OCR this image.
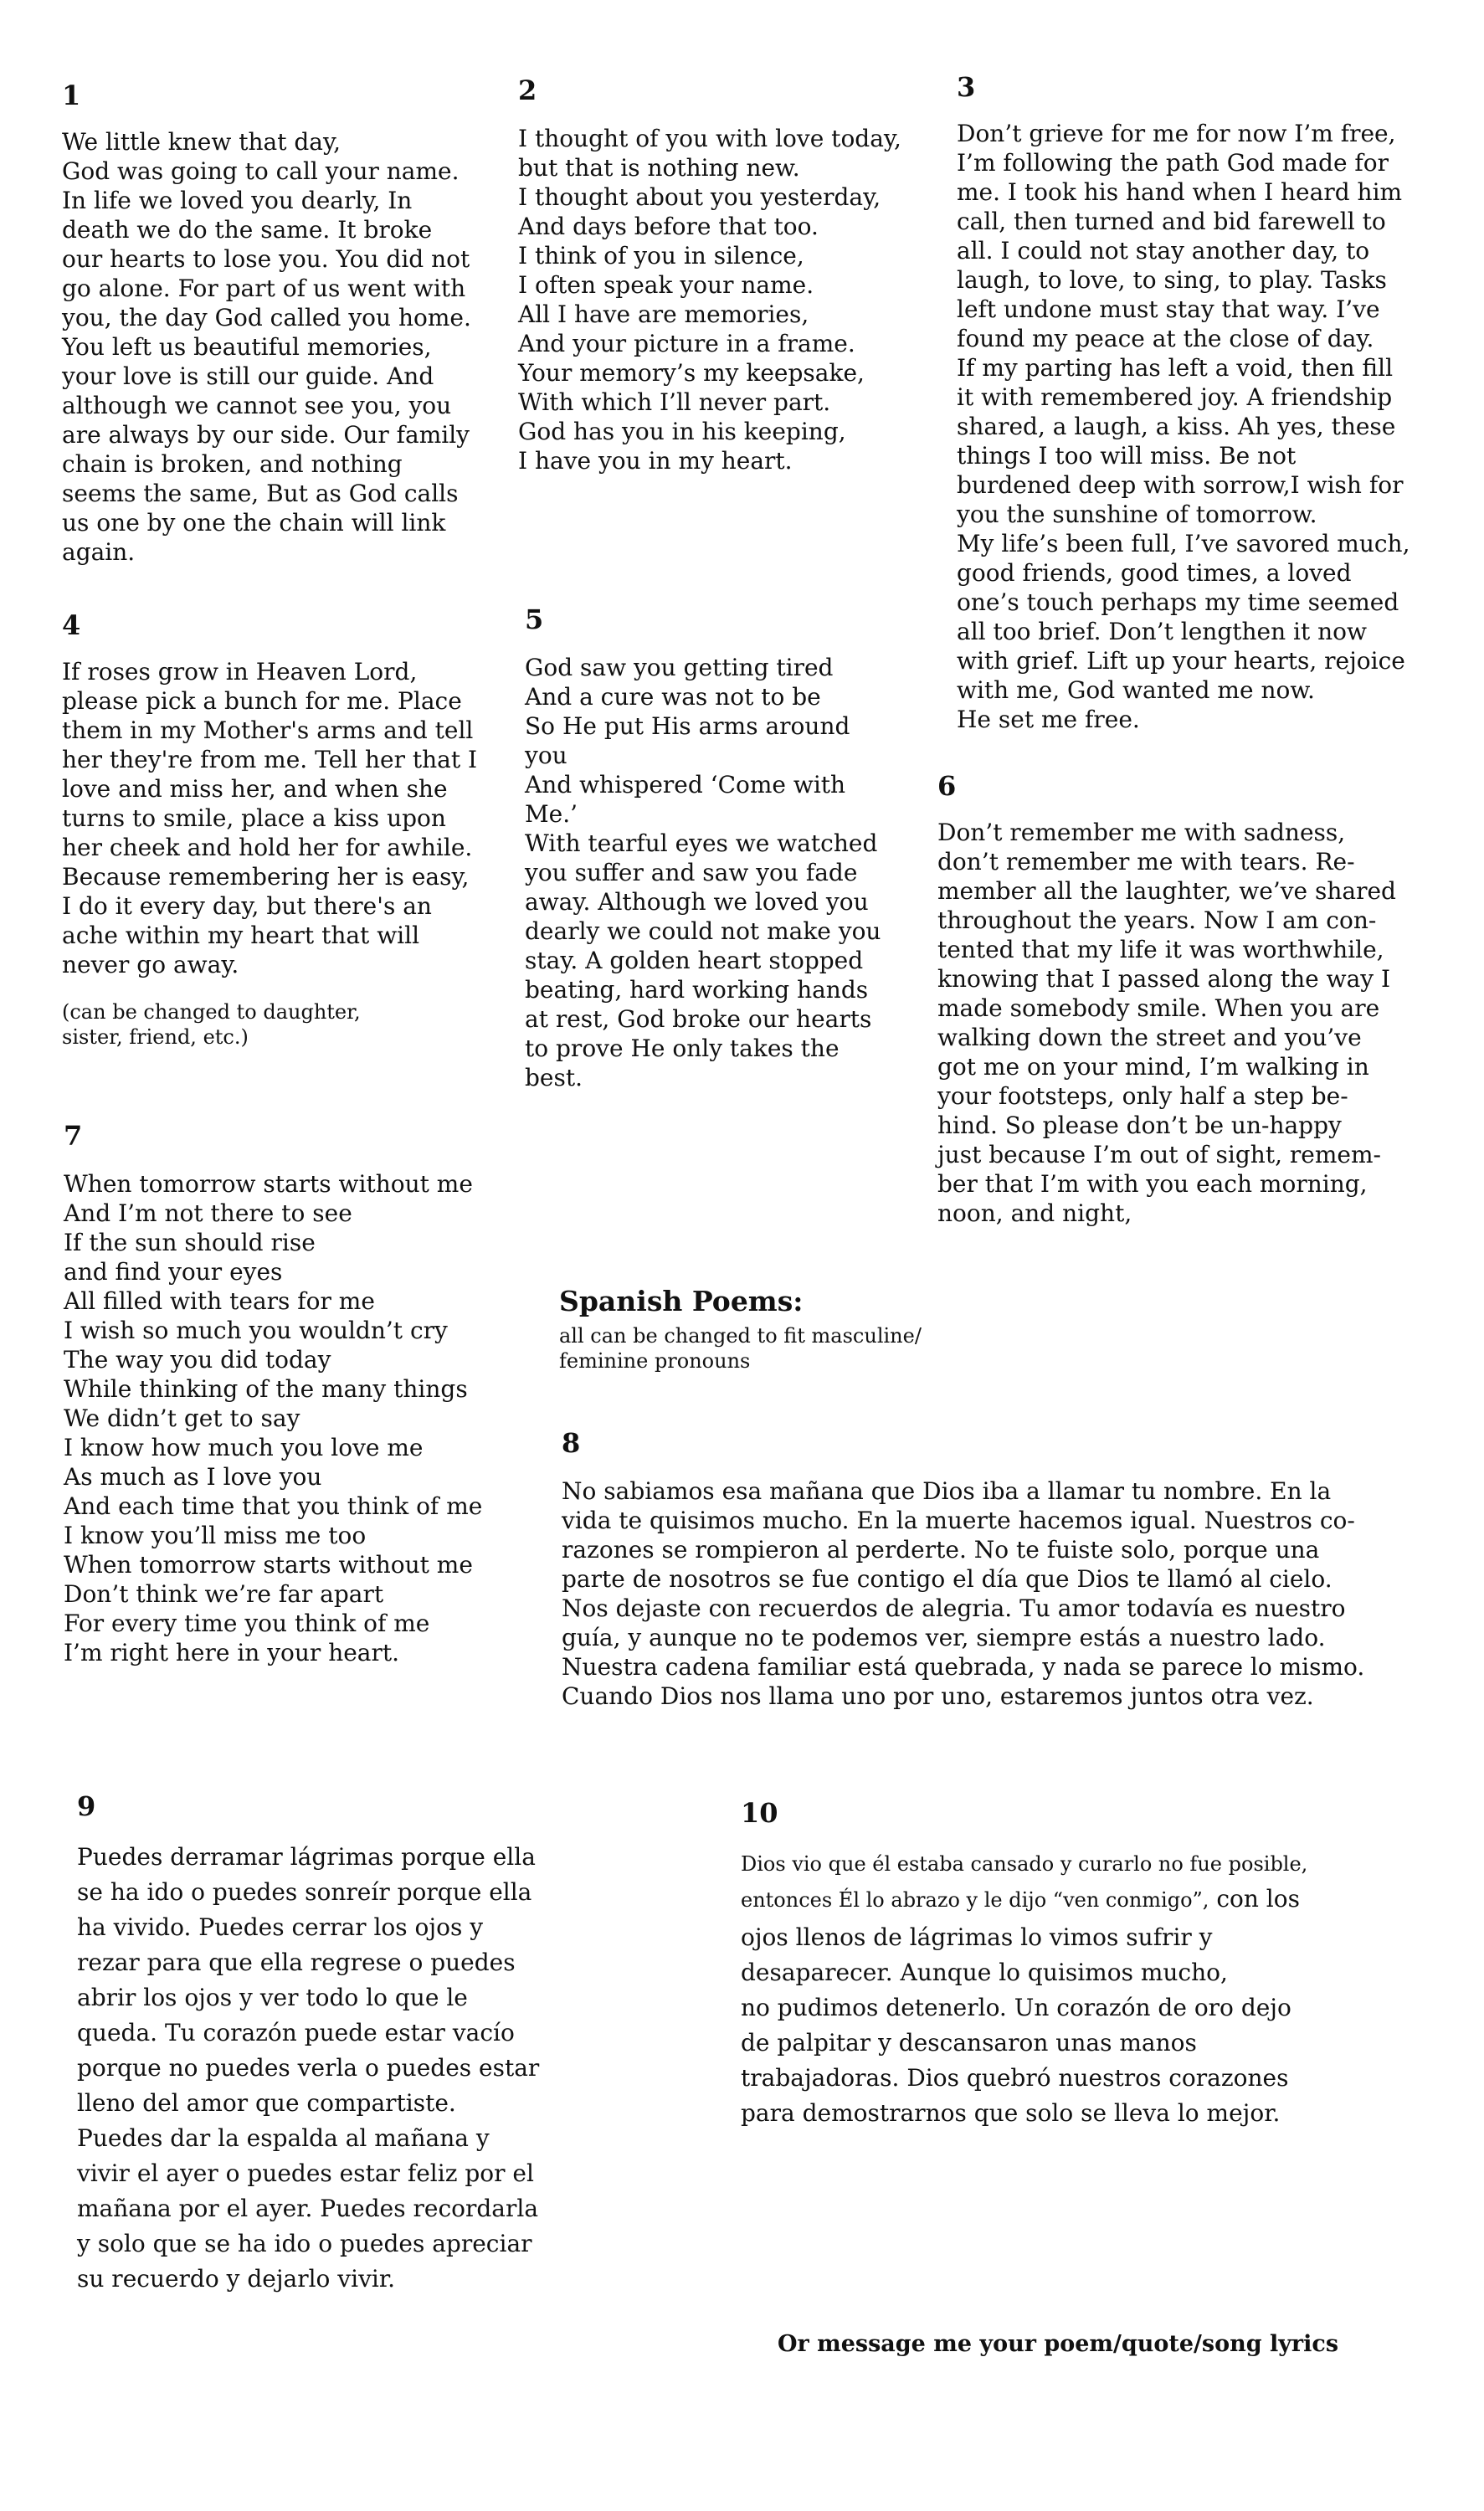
1
We little knew that day,
God was going to call your name.
In life we loved you dearly, In
death we do the same. It broke
our hearts to lose you. You did not
go alone. For part of us went with
you, the day God called you home.
You left us beautiful memories,
your love is still our guide. And
although we cannot see you, you
are always by our side. Our family
chain is broken, and nothing
seems the same, But as God calls
us one by one the chain will link
again.
2
I thought of you with love today,
but that is nothing new.
I thought about you yesterday,
And days before that too.
I think of you in silence,
I often speak your name.
All I have are memories,
And your picture in a frame.
Your memory’s my keepsake,
With which I’ll never part.
God has you in his keeping,
I have you in my heart.
3
Don’t grieve for me for now I’m free,
I’m following the path God made for
me. I took his hand when I heard him
call, then turned and bid farewell to
all. I could not stay another day, to
laugh, to love, to sing, to play. Tasks
left undone must stay that way. I’ve
found my peace at the close of day.
If my parting has left a void, then fill
it with remembered joy. A friendship
shared, a laugh, a kiss. Ah yes, these
things I too will miss. Be not
burdened deep with sorrow,I wish for
you the sunshine of tomorrow.
My life’s been full, I’ve savored much,
good friends, good times, a loved
one’s touch perhaps my time seemed
all too brief. Don’t lengthen it now
with grief. Lift up your hearts, rejoice
with me, God wanted me now.
He set me free.
4
If roses grow in Heaven Lord,
please pick a bunch for me. Place
them in my Mother's arms and tell
her they're from me. Tell her that I
love and miss her, and when she
turns to smile, place a kiss upon
her cheek and hold her for awhile.
Because remembering her is easy,
I do it every day, but there's an
ache within my heart that will
never go away.
(can be changed to daughter,
sister, friend, etc.)
5
God saw you getting tired
And a cure was not to be
So He put His arms around
you
And whispered ‘Come with
Me.’
With tearful eyes we watched
you suffer and saw you fade
away. Although we loved you
dearly we could not make you
stay. A golden heart stopped
beating, hard working hands
at rest, God broke our hearts
to prove He only takes the
best.
6
Don’t remember me with sadness,
don’t remember me with tears. Re-
member all the laughter, we’ve shared
throughout the years. Now I am con-
tented that my life it was worthwhile,
knowing that I passed along the way I
made somebody smile. When you are
walking down the street and you’ve
got me on your mind, I’m walking in
your footsteps, only half a step be-
hind. So please don’t be un-happy
just because I’m out of sight, remem-
ber that I’m with you each morning,
noon, and night,
7
When tomorrow starts without me
And I’m not there to see
If the sun should rise
and find your eyes
All filled with tears for me
I wish so much you wouldn’t cry
The way you did today
While thinking of the many things
We didn’t get to say
I know how much you love me
As much as I love you
And each time that you think of me
I know you’ll miss me too
When tomorrow starts without me
Don’t think we’re far apart
For every time you think of me
I’m right here in your heart.
Spanish Poems:
all can be changed to fit masculine/
feminine pronouns
8
No sabiamos esa mañana que Dios iba a llamar tu nombre. En la
vida te quisimos mucho. En la muerte hacemos igual. Nuestros co-
razones se rompieron al perderte. No te fuiste solo, porque una
parte de nosotros se fue contigo el día que Dios te llamó al cielo.
Nos dejaste con recuerdos de alegria. Tu amor todavía es nuestro
guía, y aunque no te podemos ver, siempre estás a nuestro lado.
Nuestra cadena familiar está quebrada, y nada se parece lo mismo.
Cuando Dios nos llama uno por uno, estaremos juntos otra vez.
9
Puedes derramar lágrimas porque ella
se ha ido o puedes sonreír porque ella
ha vivido. Puedes cerrar los ojos y
rezar para que ella regrese o puedes
abrir los ojos y ver todo lo que le
queda. Tu corazón puede estar vacío
porque no puedes verla o puedes estar
lleno del amor que compartiste.
Puedes dar la espalda al mañana y
vivir el ayer o puedes estar feliz por el
mañana por el ayer. Puedes recordarla
y solo que se ha ido o puedes apreciar
su recuerdo y dejarlo vivir.
10
Dios vio que él estaba cansado y curarlo no fue posible,
entonces Él lo abrazo y le dijo “ven conmigo”, con los
ojos llenos de lágrimas lo vimos sufrir y
desaparecer. Aunque lo quisimos mucho,
no pudimos detenerlo. Un corazón de oro dejo
de palpitar y descansaron unas manos
trabajadoras. Dios quebró nuestros corazones
para demostrarnos que solo se lleva lo mejor.
Or message me your poem/quote/song lyrics
